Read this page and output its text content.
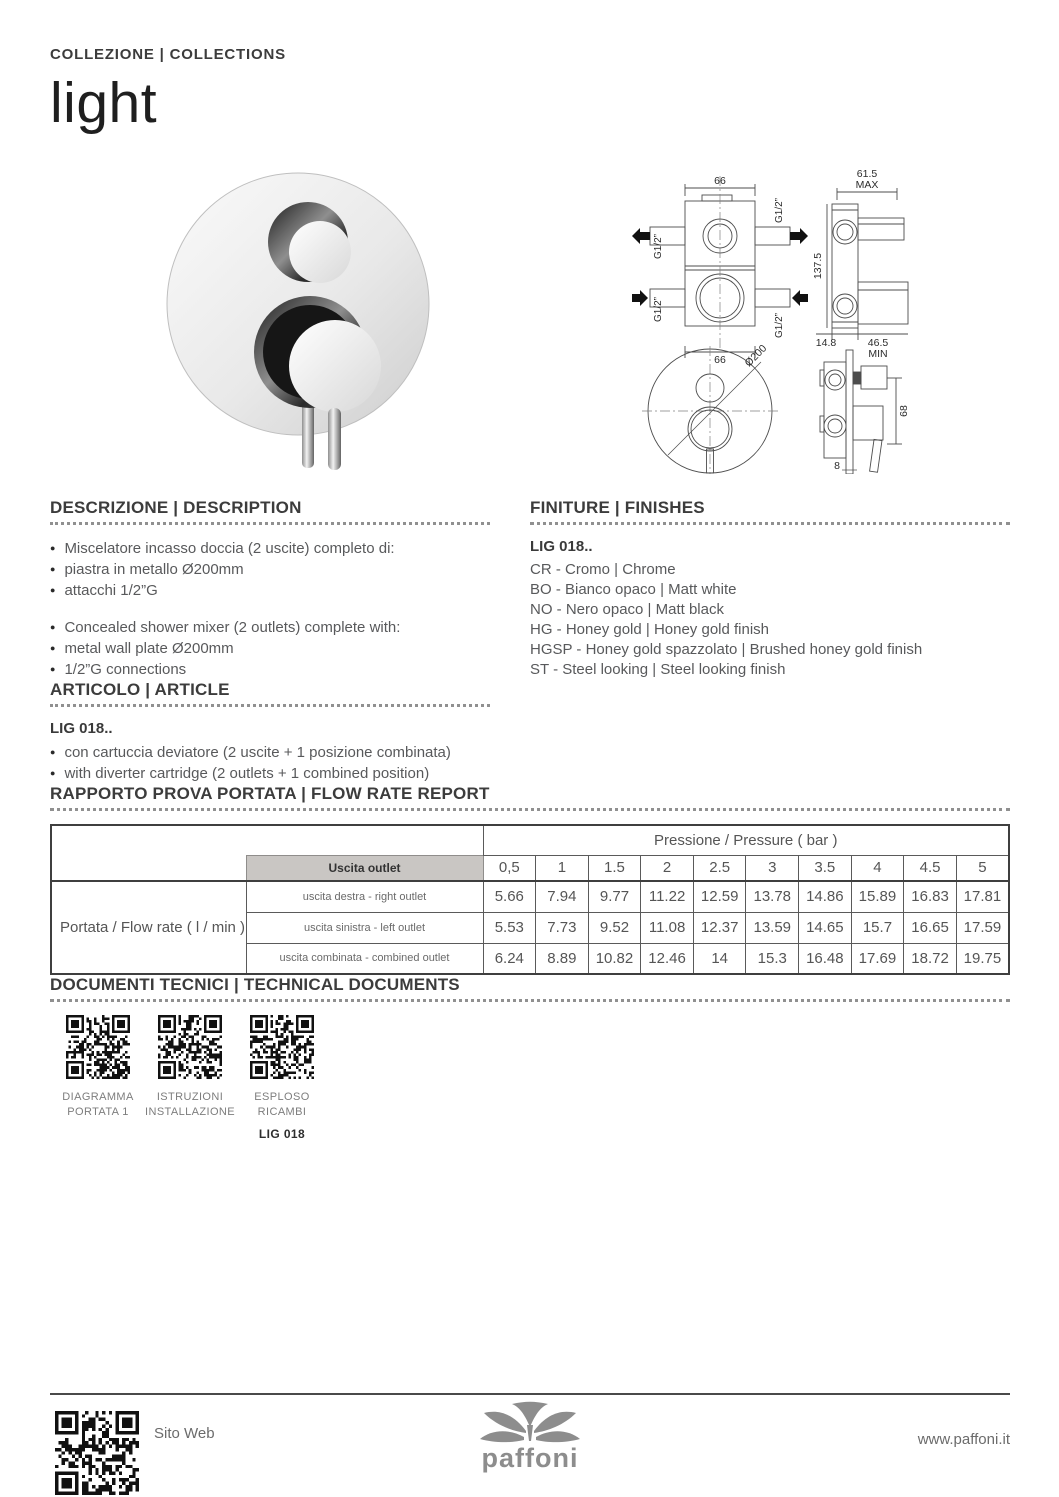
COLLEZIONE | COLLECTIONS
light
66
G1/2”
G1/2”
G1/2”
G1/2”
66
61.5
MAX
137.5
14.8	46.5
MIN
Ø200
68
8
DESCRIZIONE | DESCRIPTION
● Miscelatore incasso doccia (2 uscite) completo di:
● piastra in metallo Ø200mm
● attacchi 1/2”G
● Concealed shower mixer (2 outlets) complete with:
● metal wall plate Ø200mm
● 1/2”G connections
ARTICOLO | ARTICLE
LIG 018..
● con cartuccia deviatore (2 uscite + 1 posizione combinata)
● with diverter cartridge (2 outlets + 1 combined position)
FINITURE | FINISHES
LIG 018..
CR - Cromo | Chrome
BO - Bianco opaco | Matt white
NO - Nero opaco | Matt black
HG - Honey gold | Honey gold finish
HGSP - Honey gold spazzolato | Brushed honey gold finish
ST - Steel looking | Steel looking finish
RAPPORTO PROVA PORTATA | FLOW RATE REPORT
		Pressione / Pressure ( bar )									
	Uscita outlet	0,5	1	1.5	2	2.5	3	3.5	4	4.5	5
Portata / Flow rate ( l / min )	uscita destra - right outlet	5.66	7.94	9.77	11.22	12.59	13.78	14.86	15.89	16.83	17.81
	uscita sinistra - left outlet	5.53	7.73	9.52	11.08	12.37	13.59	14.65	15.7	16.65	17.59
	uscita combinata - combined outlet	6.24	8.89	10.82	12.46	14	15.3	16.48	17.69	18.72	19.75
DOCUMENTI TECNICI | TECHNICAL DOCUMENTS
DIAGRAMMA
PORTATA 1
ISTRUZIONI
INSTALLAZIONE
ESPLOSO
RICAMBI
LIG 018
Sito Web
paffoni
www.paffoni.it
